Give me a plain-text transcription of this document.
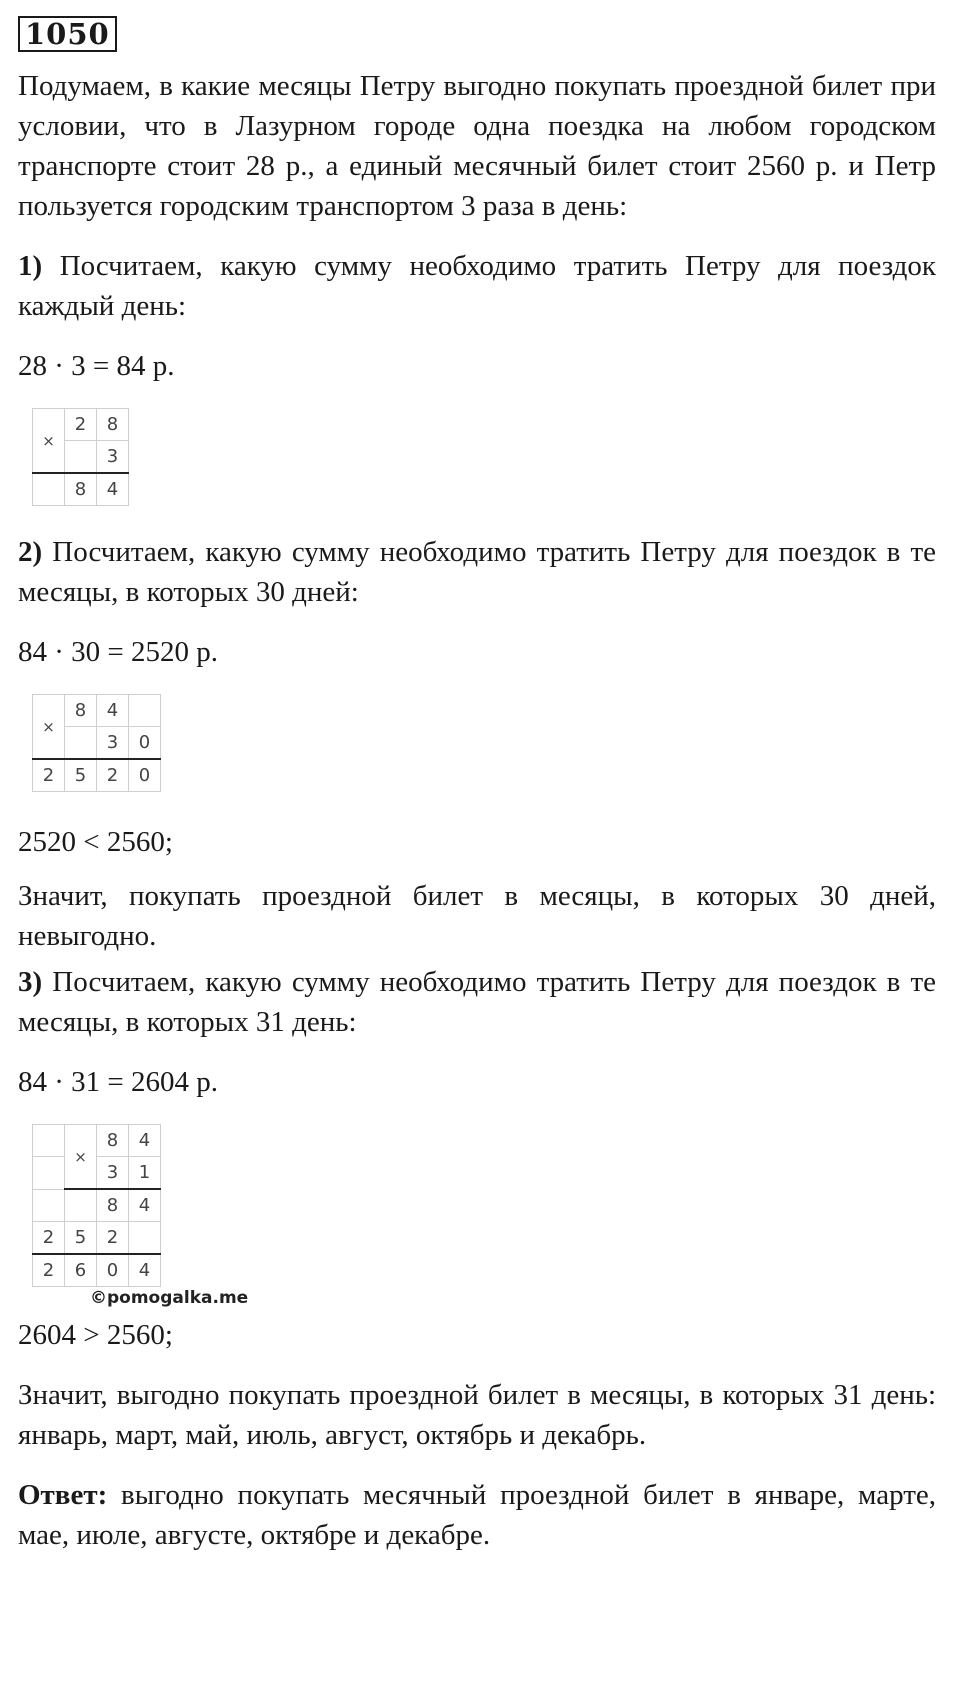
1050

Подумаем, в какие месяцы Петру выгодно покупать проездной билет при условии, что в Лазурном городе одна поездка на любом городском транспорте стоит 28 р., а единый месячный билет стоит 2560 р. и Петр пользуется городским транспортом 3 раза в день:

1) Посчитаем, какую сумму необходимо тратить Петру для поездок каждый день:

28 · 3 = 84 р.

×	2	8
		3
	8	4

2) Посчитаем, какую сумму необходимо тратить Петру для поездок в те месяцы, в которых 30 дней:

84 · 30 = 2520 р.

×	8	4	
		3	0
2	5	2	0

2520 < 2560;

Значит, покупать проездной билет в месяцы, в которых 30 дней, невыгодно.

3) Посчитаем, какую сумму необходимо тратить Петру для поездок в те месяцы, в которых 31 день:

84 · 31 = 2604 р.

	×	8	4
		3	1
		8	4
2	5	2	
2	6	0	4
©pomogalka.me

2604 > 2560;

Значит, выгодно покупать проездной билет в месяцы, в которых 31 день: январь, март, май, июль, август, октябрь и декабрь.

Ответ: выгодно покупать месячный проездной билет в январе, марте, мае, июле, августе, октябре и декабре.
